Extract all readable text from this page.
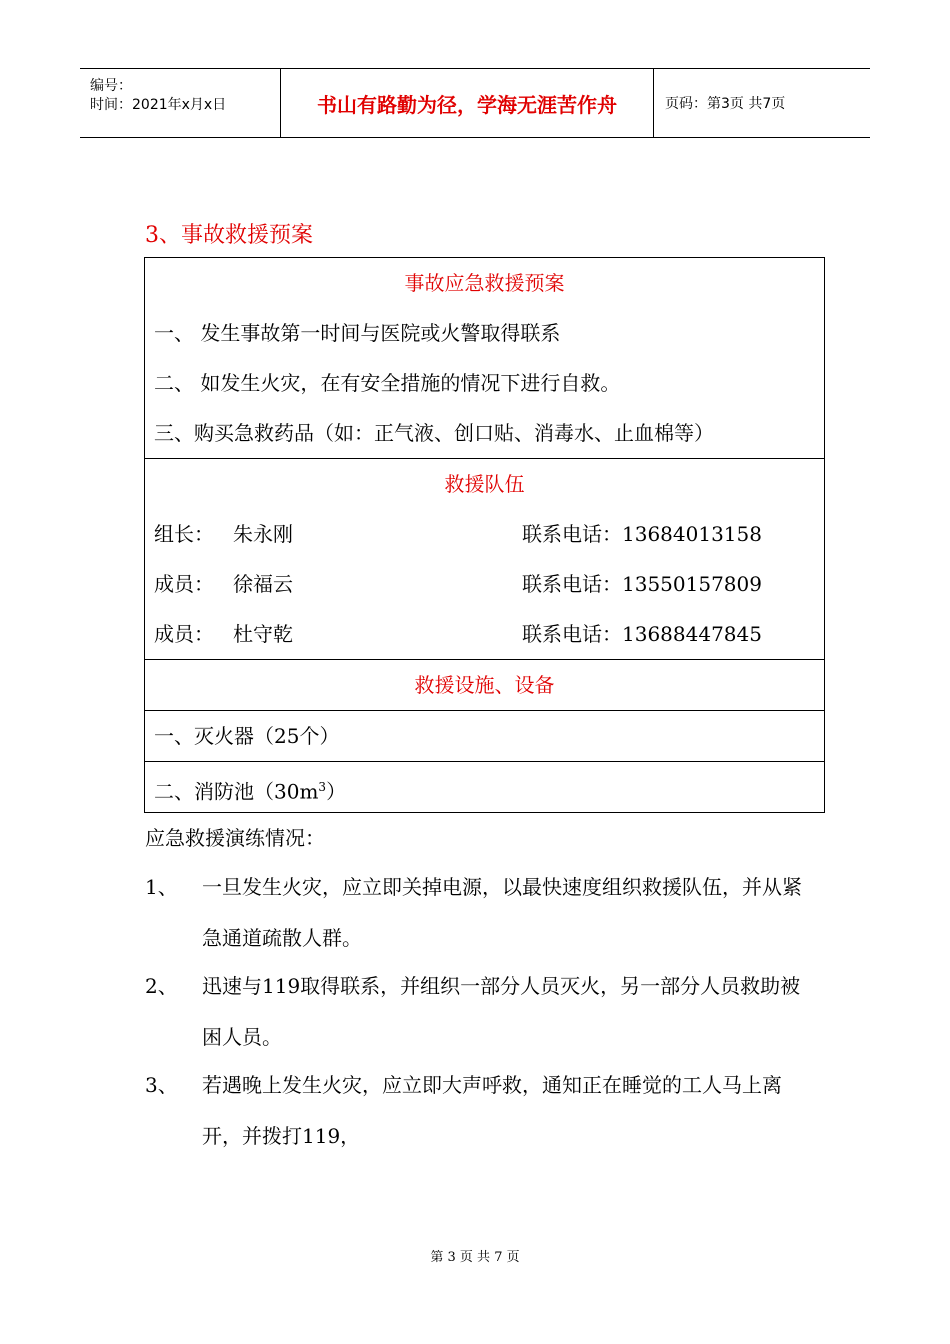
编号：
时间：2021年x月x日	书山有路勤为径，学海无涯苦作舟	页码：第3页 共7页
3、事故救援预案
事故应急救援预案
一、 发生事故第一时间与医院或火警取得联系
二、 如发生火灾，在有安全措施的情况下进行自救。
三、购买急救药品（如：正气液、创口贴、消毒水、止血棉等）

救援队伍
组长： 朱永刚	联系电话：13684013158
成员： 徐福云	联系电话：13550157809
成员： 杜守乾	联系电话：13688447845

救援设施、设备

一、灭火器（25个）

二、消防池$(30m^3)$
应急救援演练情况：
1、 一旦发生火灾，应立即关掉电源，以最快速度组织救援队伍，并从紧急通道疏散人群。
2、 迅速与119取得联系，并组织一部分人员灭火，另一部分人员救助被困人员。
3、 若遇晚上发生火灾，应立即大声呼救，通知正在睡觉的工人马上离开，并拨打119，
第 3 页 共 7 页
